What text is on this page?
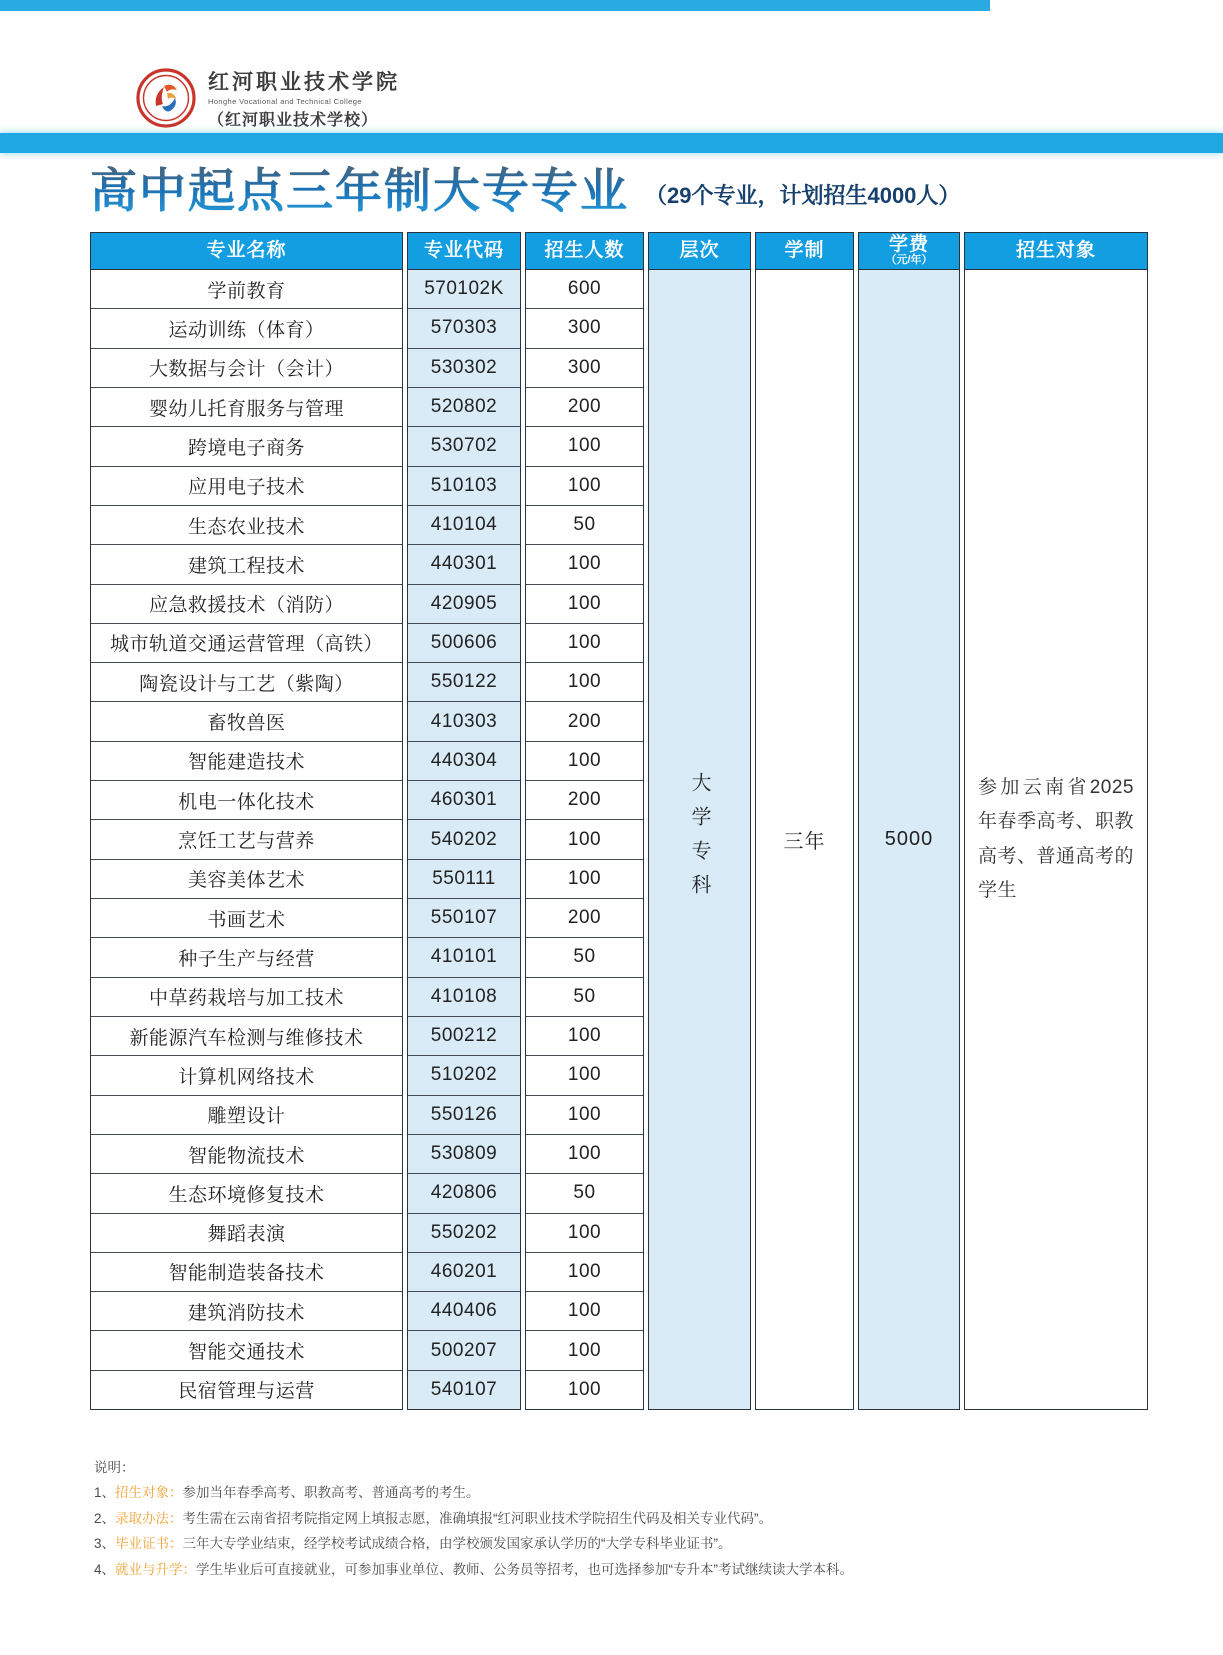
红河职业技术学院
Honghe Vocational and Technical College
（红河职业技术学校）
高中起点三年制大专专业 （29个专业，计划招生4000人）
专业名称
学前教育
运动训练（体育）
大数据与会计（会计）
婴幼儿托育服务与管理
跨境电子商务
应用电子技术
生态农业技术
建筑工程技术
应急救援技术（消防）
城市轨道交通运营管理（高铁）
陶瓷设计与工艺（紫陶）
畜牧兽医
智能建造技术
机电一体化技术
烹饪工艺与营养
美容美体艺术
书画艺术
种子生产与经营
中草药栽培与加工技术
新能源汽车检测与维修技术
计算机网络技术
雕塑设计
智能物流技术
生态环境修复技术
舞蹈表演
智能制造装备技术
建筑消防技术
智能交通技术
民宿管理与运营
专业代码
570102K
570303
530302
520802
530702
510103
410104
440301
420905
500606
550122
410303
440304
460301
540202
550111
550107
410101
410108
500212
510202
550126
530809
420806
550202
460201
440406
500207
540107
招生人数
600
300
300
200
100
100
50
100
100
100
100
200
100
200
100
100
200
50
50
100
100
100
100
50
100
100
100
100
100
层次
大学专科
学制
三年
学费
（元/年）
5000
招生对象

参加云南省2025年春季高考、职教高考、普通高考的学生

说明：
1、招生对象：参加当年春季高考、职教高考、普通高考的考生。
2、录取办法：考生需在云南省招考院指定网上填报志愿，准确填报“红河职业技术学院招生代码及相关专业代码”。
3、毕业证书：三年大专学业结束，经学校考试成绩合格，由学校颁发国家承认学历的“大学专科毕业证书”。
4、就业与升学：学生毕业后可直接就业，可参加事业单位、教师、公务员等招考，也可选择参加“专升本”考试继续读大学本科。
